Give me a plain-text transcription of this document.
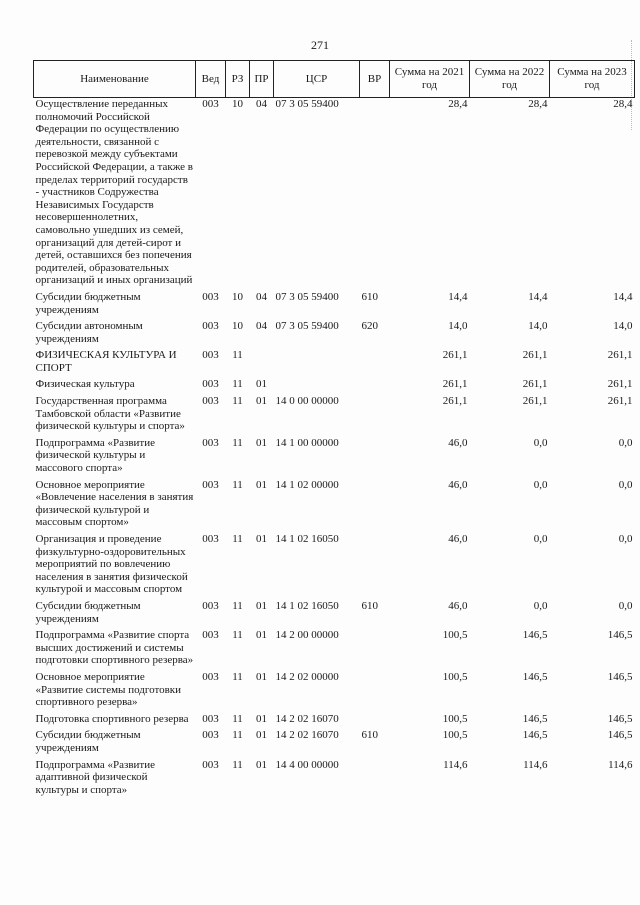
271
Наименование	Вед	РЗ	ПР	ЦСР	ВР	Сумма на 2021 год	Сумма на 2022 год	Сумма на 2023 год
Осуществление переданных полномочий Российской Федерации по осуществлению деятельности, связанной с перевозкой между субъектами Российской Федерации, а также в пределах территорий государств - участников Содружества Независимых Государств несовершеннолетних, самовольно ушедших из семей, организаций для детей-сирот и детей, оставшихся без попечения родителей, образовательных организаций и иных организаций	003	10	04	07 3 05 59400		28,4	28,4	28,4
Субсидии бюджетным учреждениям	003	10	04	07 3 05 59400	610	14,4	14,4	14,4
Субсидии автономным учреждениям	003	10	04	07 3 05 59400	620	14,0	14,0	14,0
ФИЗИЧЕСКАЯ КУЛЬТУРА И СПОРТ	003	11				261,1	261,1	261,1
Физическая культура	003	11	01			261,1	261,1	261,1
Государственная программа Тамбовской области «Развитие физической культуры и спорта»	003	11	01	14 0 00 00000		261,1	261,1	261,1
Подпрограмма «Развитие физической культуры и массового спорта»	003	11	01	14 1 00 00000		46,0	0,0	0,0
Основное мероприятие «Вовлечение населения в занятия физической культурой и массовым спортом»	003	11	01	14 1 02 00000		46,0	0,0	0,0
Организация и проведение физкультурно-оздоровительных мероприятий по вовлечению населения в занятия физической культурой и массовым спортом	003	11	01	14 1 02 16050		46,0	0,0	0,0
Субсидии бюджетным учреждениям	003	11	01	14 1 02 16050	610	46,0	0,0	0,0
Подпрограмма «Развитие спорта высших достижений и системы подготовки спортивного резерва»	003	11	01	14 2 00 00000		100,5	146,5	146,5
Основное мероприятие «Развитие системы подготовки спортивного резерва»	003	11	01	14 2 02 00000		100,5	146,5	146,5
Подготовка спортивного резерва	003	11	01	14 2 02 16070		100,5	146,5	146,5
Субсидии бюджетным учреждениям	003	11	01	14 2 02 16070	610	100,5	146,5	146,5
Подпрограмма «Развитие адаптивной физической культуры и спорта»	003	11	01	14 4 00 00000		114,6	114,6	114,6
